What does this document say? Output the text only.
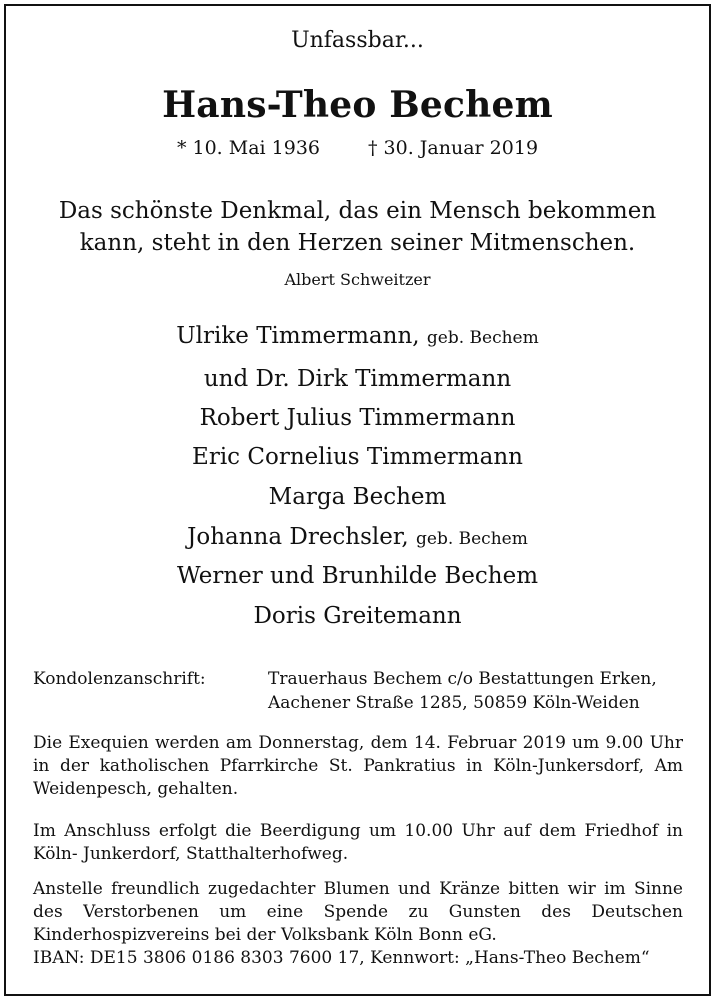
Unfassbar...
Hans-Theo Bechem
* 10. Mai 1936	† 30. Januar 2019
Das schönste Denkmal, das ein Mensch bekommen
kann, steht in den Herzen seiner Mitmenschen.
Albert Schweitzer
Ulrike Timmermann, geb. Bechem
und Dr. Dirk Timmermann
Robert Julius Timmermann
Eric Cornelius Timmermann
Marga Bechem
Johanna Drechsler, geb. Bechem
Werner und Brunhilde Bechem
Doris Greitemann
Kondolenzanschrift:	Trauerhaus Bechem c/o Bestattungen Erken,
Aachener Straße 1285, 50859 Köln-Weiden
Die Exequien werden am Donnerstag, dem 14. Februar 2019 um 9.00 Uhr in der katholischen Pfarrkirche St. Pankratius in Köln-Junkersdorf, Am Weidenpesch, gehalten.
Im Anschluss erfolgt die Beerdigung um 10.00 Uhr auf dem Friedhof in Köln- Junkerdorf, Statthalterhofweg.
Anstelle freundlich zugedachter Blumen und Kränze bitten wir im Sinne des Verstorbenen um eine Spende zu Gunsten des Deutschen Kinderhospizvereins bei der Volksbank Köln Bonn eG.
IBAN: DE15 3806 0186 8303 7600 17, Kennwort: „Hans-Theo Bechem“
